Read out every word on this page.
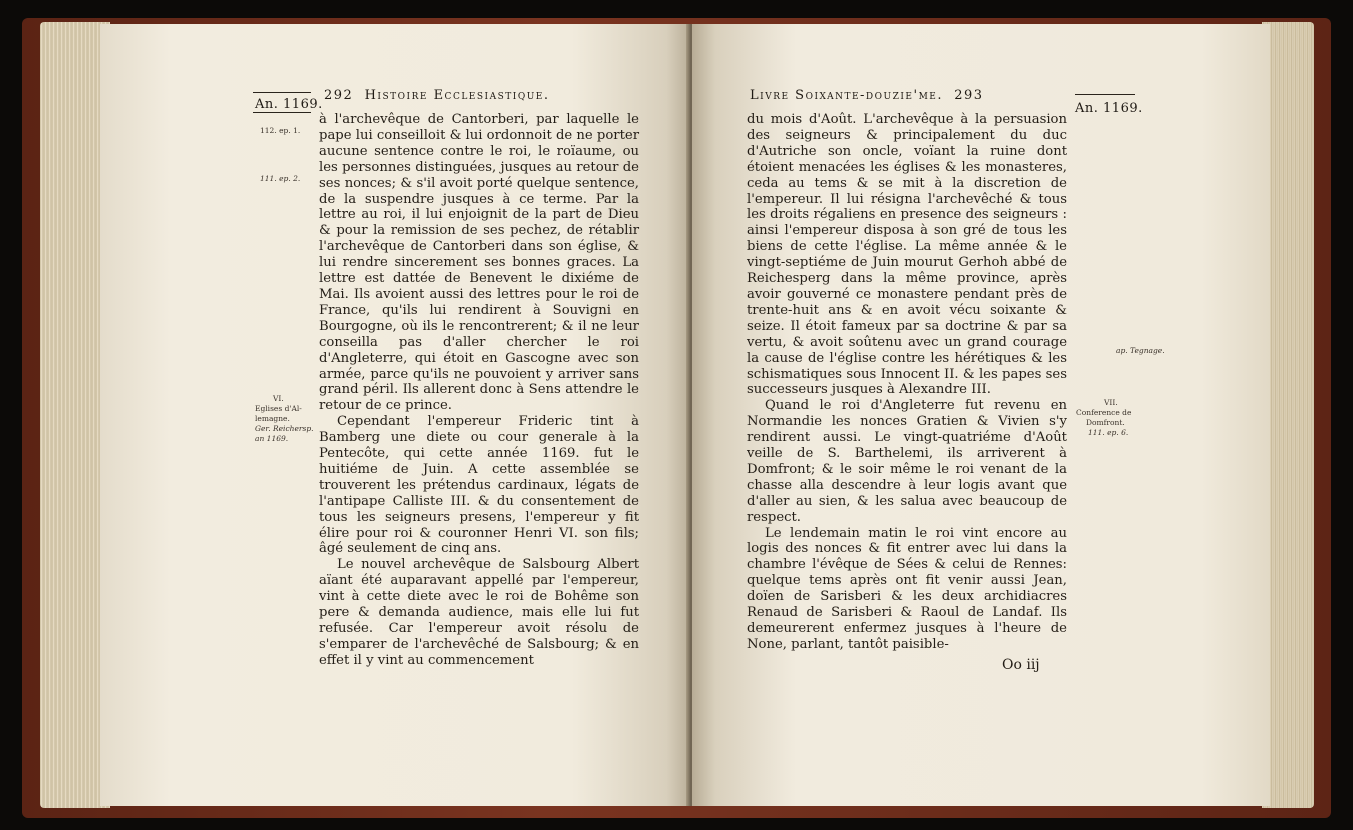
An. 1169.
292 Histoire Ecclesiastique.
112. ep. 1.
111. ep. 2.
VI.
Eglises d'Al-
lemagne.
Ger. Reichersp.
an 1169.

à l'archevêque de Cantorberi, par laquelle le pape lui conseilloit & lui ordonnoit de ne porter aucune sentence contre le roi, le roïaume, ou les personnes distinguées, jusques au retour de ses nonces; & s'il avoit porté quelque sentence, de la suspendre jusques à ce terme. Par la lettre au roi, il lui enjoignit de la part de Dieu & pour la remission de ses pechez, de rétablir l'archevêque de Cantorberi dans son église, & lui rendre sincerement ses bonnes graces. La lettre est dattée de Benevent le dixiéme de Mai. Ils avoient aussi des lettres pour le roi de France, qu'ils lui rendirent à Souvigni en Bourgogne, où ils le rencontrerent; & il ne leur conseilla pas d'aller chercher le roi d'Angleterre, qui étoit en Gascogne avec son armée, parce qu'ils ne pouvoient y arriver sans grand péril. Ils allerent donc à Sens attendre le retour de ce prince.

Cependant l'empereur Frideric tint à Bamberg une diete ou cour generale à la Pentecôte, qui cette année 1169. fut le huitiéme de Juin. A cette assemblée se trouverent les prétendus cardinaux, légats de l'antipape Calliste III. & du consentement de tous les seigneurs presens, l'empereur y fit élire pour roi & couronner Henri VI. son fils; âgé seulement de cinq ans.

Le nouvel archevêque de Salsbourg Albert aïant été auparavant appellé par l'empereur, vint à cette diete avec le roi de Bohême son pere & demanda audience, mais elle lui fut refusée. Car l'empereur avoit résolu de s'emparer de l'archevêché de Salsbourg; & en effet il y vint au commencement

Livre Soixante-douzie'me. 293
An. 1169.
ap. Tegnage.
VII.
Conference de
Domfront.
111. ep. 6.

du mois d'Août. L'archevêque à la persuasion des seigneurs & principalement du duc d'Autriche son oncle, voïant la ruine dont étoient menacées les églises & les monasteres, ceda au tems & se mit à la discretion de l'empereur. Il lui résigna l'archevêché & tous les droits régaliens en presence des seigneurs : ainsi l'empereur disposa à son gré de tous les biens de cette l'église. La même année & le vingt-septiéme de Juin mourut Gerhoh abbé de Reichesperg dans la même province, après avoir gouverné ce monastere pendant près de trente-huit ans & en avoit vécu soixante & seize. Il étoit fameux par sa doctrine & par sa vertu, & avoit soûtenu avec un grand courage la cause de l'église contre les hérétiques & les schismatiques sous Innocent II. & les papes ses successeurs jusques à Alexandre III.

Quand le roi d'Angleterre fut revenu en Normandie les nonces Gratien & Vivien s'y rendirent aussi. Le vingt-quatriéme d'Août veille de S. Barthelemi, ils arriverent à Domfront; & le soir même le roi venant de la chasse alla descendre à leur logis avant que d'aller au sien, & les salua avec beaucoup de respect.

Le lendemain matin le roi vint encore au logis des nonces & fit entrer avec lui dans la chambre l'évêque de Sées & celui de Rennes: quelque tems après ont fit venir aussi Jean, doïen de Sarisberi & les deux archidiacres Renaud de Sarisberi & Raoul de Landaf. Ils demeurerent enfermez jusques à l'heure de None, parlant, tantôt paisible-

Oo iij
